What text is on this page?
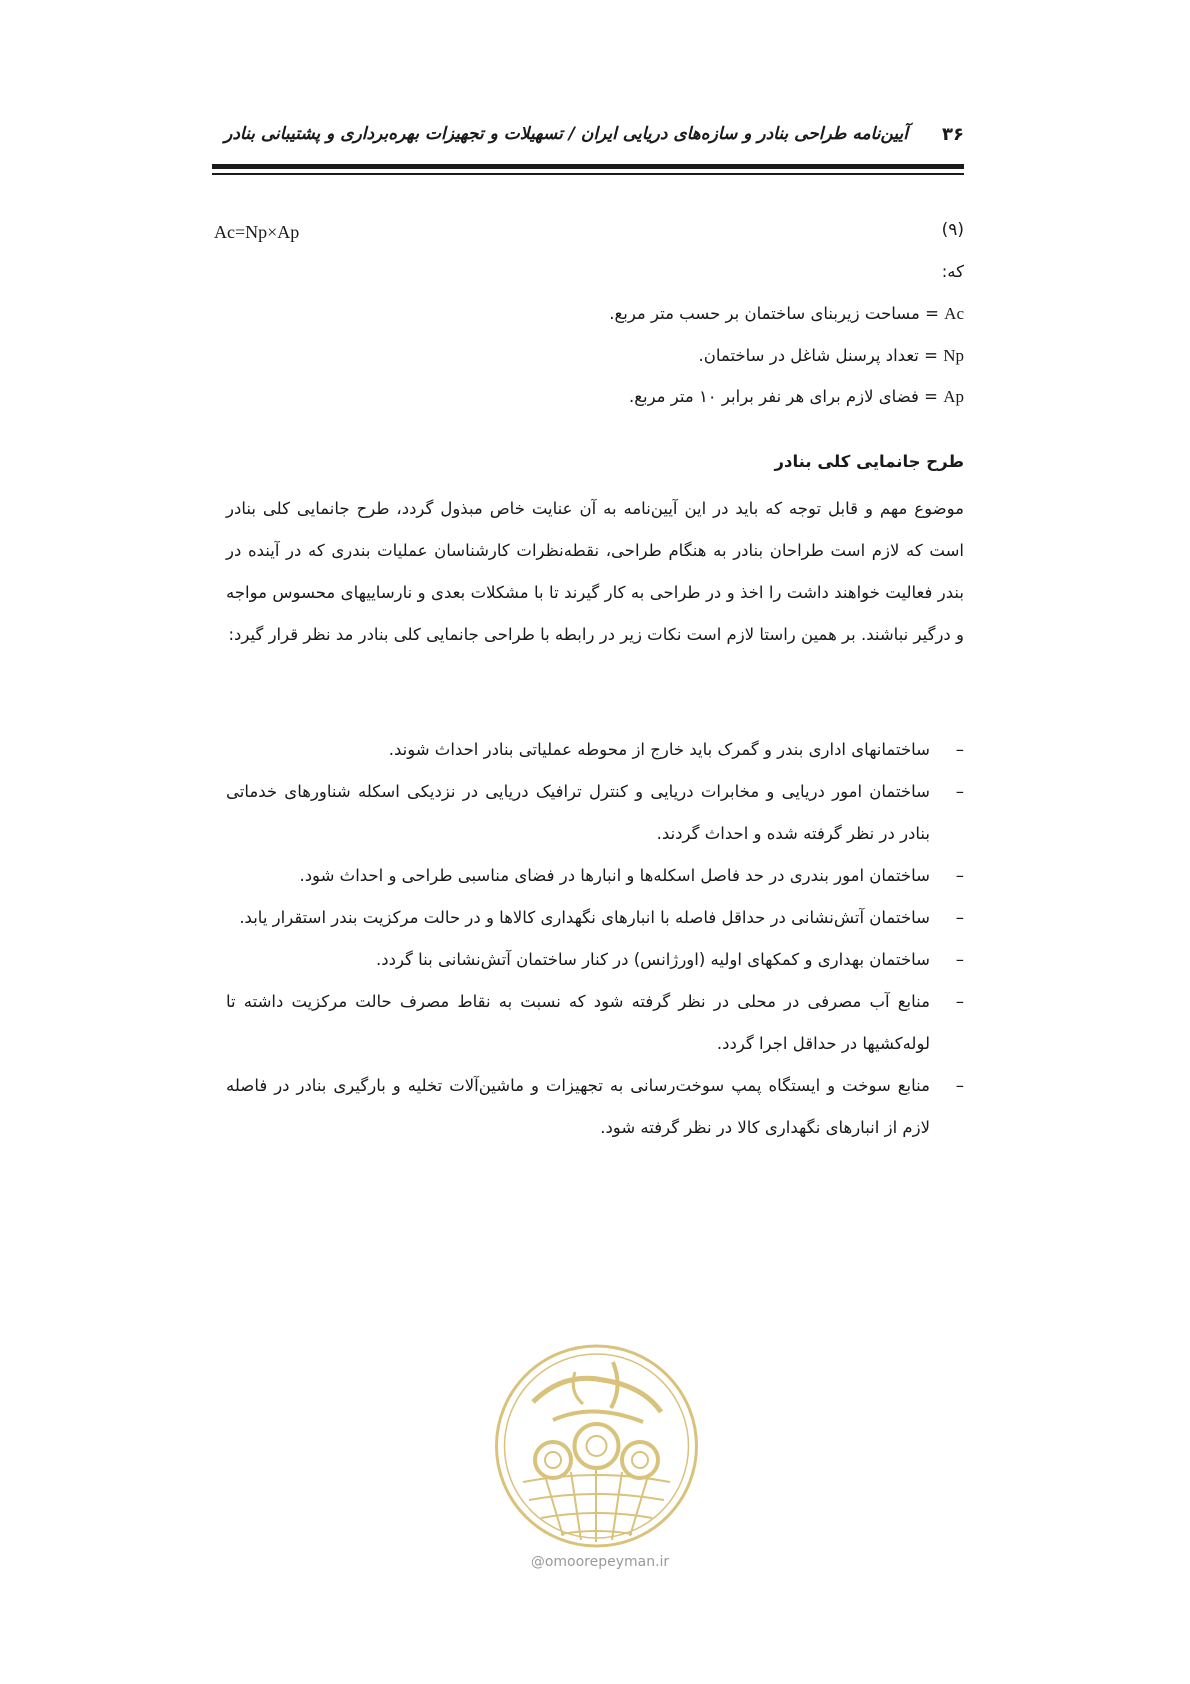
آیین‌نامه طراحی بنادر و سازه‌های دریایی ایران / تسهیلات و تجهیزات بهره‌برداری و پشتیبانی بنادر ۳۶
Ac=Np×Ap	(۹)
که:
Ac = مساحت زیربنای ساختمان بر حسب متر مربع.
Np = تعداد پرسنل شاغل در ساختمان.
Ap = فضای لازم برای هر نفر برابر ۱۰ متر مربع.
طرح جانمایی کلی بنادر
موضوع مهم و قابل توجه که باید در این آیین‌نامه به آن عنایت خاص مبذول گردد، طرح جانمایی کلی بنادر است که لازم است طراحان بنادر به هنگام طراحی، نقطه‌نظرات کارشناسان عملیات بندری که در آینده در بندر فعالیت خواهند داشت را اخذ و در طراحی به کار گیرند تا با مشکلات بعدی و نارساییهای محسوس مواجه و درگیر نباشند. بر همین راستا لازم است نکات زیر در رابطه با طراحی جانمایی کلی بنادر مد نظر قرار گیرد:
–
ساختمانهای اداری بندر و گمرک باید خارج از محوطه عملیاتی بنادر احداث شوند.
–
ساختمان امور دریایی و مخابرات دریایی و کنترل ترافیک دریایی در نزدیکی اسکله شناورهای خدماتی بنادر در نظر گرفته شده و احداث گردند.
–
ساختمان امور بندری در حد فاصل اسکله‌ها و انبارها در فضای مناسبی طراحی و احداث شود.
–
ساختمان آتش‌نشانی در حداقل فاصله با انبارهای نگهداری کالاها و در حالت مرکزیت بندر استقرار یابد.
–
ساختمان بهداری و کمکهای اولیه (اورژانس) در کنار ساختمان آتش‌نشانی بنا گردد.
–
منابع آب مصرفی در محلی در نظر گرفته شود که نسبت به نقاط مصرف حالت مرکزیت داشته تا لوله‌کشیها در حداقل اجرا گردد.
–
منابع سوخت و ایستگاه پمپ سوخت‌رسانی به تجهیزات و ماشین‌آلات تخلیه و بارگیری بنادر در فاصله لازم از انبارهای نگهداری کالا در نظر گرفته شود.
@omoorepeyman.ir
